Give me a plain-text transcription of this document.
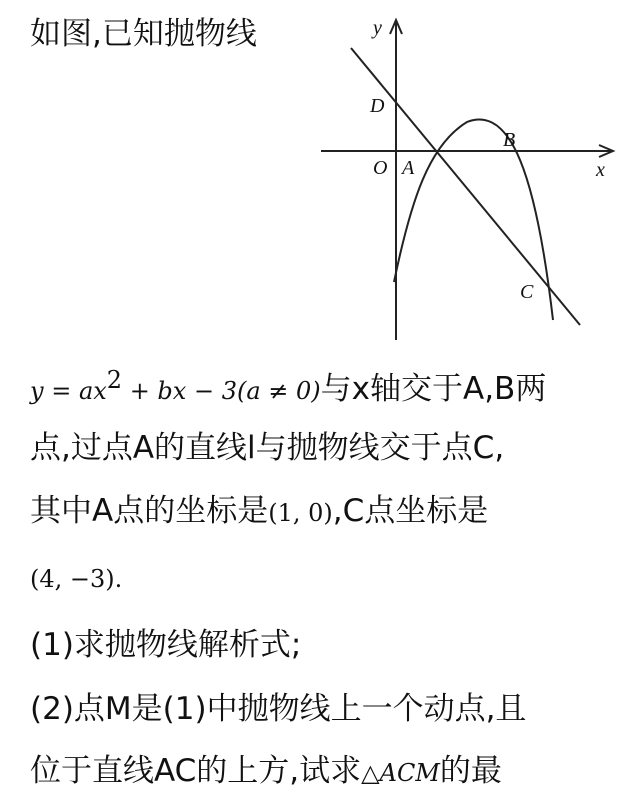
如图,已知抛物线
x
y
O A
B
C
D
$y = ax^2$ + bx − 3(a ≠ 0)与x轴交于A,B两
点,过点A的直线l与抛物线交于点C,
其中A点的坐标是(1, 0),C点坐标是
(4, −3).
(1)求抛物线解析式;
(2)点M是(1)中抛物线上一个动点,且
位于直线AC的上方,试求△ACM的最
